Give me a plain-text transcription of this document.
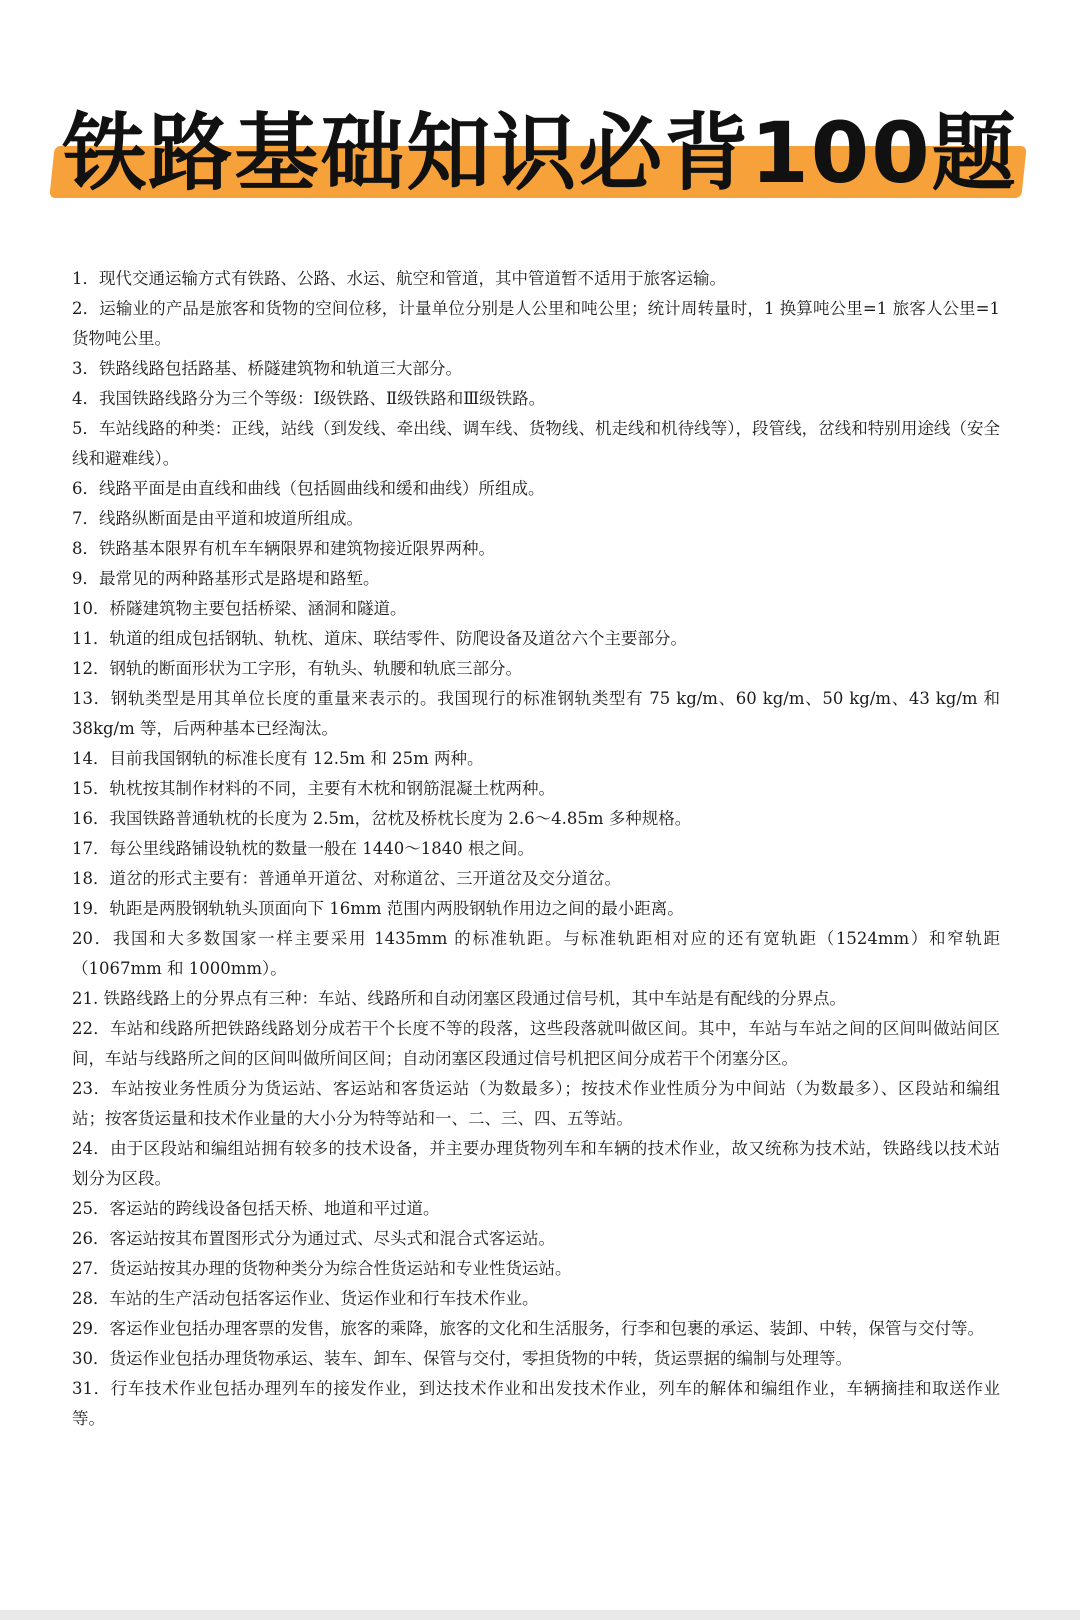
铁路基础知识必背100题

1．现代交通运输方式有铁路、公路、水运、航空和管道，其中管道暂不适用于旅客运输。

2．运输业的产品是旅客和货物的空间位移，计量单位分别是人公里和吨公里；统计周转量时，1 换算吨公里=1 旅客人公里=1 货物吨公里。

3．铁路线路包括路基、桥隧建筑物和轨道三大部分。

4．我国铁路线路分为三个等级：Ⅰ级铁路、Ⅱ级铁路和Ⅲ级铁路。

5．车站线路的种类：正线，站线（到发线、牵出线、调车线、货物线、机走线和机待线等），段管线，岔线和特别用途线（安全线和避难线）。

6．线路平面是由直线和曲线（包括圆曲线和缓和曲线）所组成。

7．线路纵断面是由平道和坡道所组成。

8．铁路基本限界有机车车辆限界和建筑物接近限界两种。

9．最常见的两种路基形式是路堤和路堑。

10．桥隧建筑物主要包括桥梁、涵洞和隧道。

11．轨道的组成包括钢轨、轨枕、道床、联结零件、防爬设备及道岔六个主要部分。

12．钢轨的断面形状为工字形，有轨头、轨腰和轨底三部分。

13．钢轨类型是用其单位长度的重量来表示的。我国现行的标准钢轨类型有 75 kg/m、60 kg/m、50 kg/m、43 kg/m 和 38kg/m 等，后两种基本已经淘汰。

14．目前我国钢轨的标准长度有 12.5m 和 25m 两种。

15．轨枕按其制作材料的不同，主要有木枕和钢筋混凝土枕两种。

16．我国铁路普通轨枕的长度为 2.5m，岔枕及桥枕长度为 2.6～4.85m 多种规格。

17．每公里线路铺设轨枕的数量一般在 1440～1840 根之间。

18．道岔的形式主要有：普通单开道岔、对称道岔、三开道岔及交分道岔。

19．轨距是两股钢轨轨头顶面向下 16mm 范围内两股钢轨作用边之间的最小距离。

20．我国和大多数国家一样主要采用 1435mm 的标准轨距。与标准轨距相对应的还有宽轨距（1524mm）和窄轨距（1067mm 和 1000mm）。

21. 铁路线路上的分界点有三种：车站、线路所和自动闭塞区段通过信号机，其中车站是有配线的分界点。

22．车站和线路所把铁路线路划分成若干个长度不等的段落，这些段落就叫做区间。其中，车站与车站之间的区间叫做站间区间，车站与线路所之间的区间叫做所间区间；自动闭塞区段通过信号机把区间分成若干个闭塞分区。

23．车站按业务性质分为货运站、客运站和客货运站（为数最多）；按技术作业性质分为中间站（为数最多）、区段站和编组站；按客货运量和技术作业量的大小分为特等站和一、二、三、四、五等站。

24．由于区段站和编组站拥有较多的技术设备，并主要办理货物列车和车辆的技术作业，故又统称为技术站，铁路线以技术站划分为区段。

25．客运站的跨线设备包括天桥、地道和平过道。

26．客运站按其布置图形式分为通过式、尽头式和混合式客运站。

27．货运站按其办理的货物种类分为综合性货运站和专业性货运站。

28．车站的生产活动包括客运作业、货运作业和行车技术作业。

29．客运作业包括办理客票的发售，旅客的乘降，旅客的文化和生活服务，行李和包裹的承运、装卸、中转，保管与交付等。

30．货运作业包括办理货物承运、装车、卸车、保管与交付，零担货物的中转，货运票据的编制与处理等。

31．行车技术作业包括办理列车的接发作业，到达技术作业和出发技术作业，列车的解体和编组作业，车辆摘挂和取送作业等。
